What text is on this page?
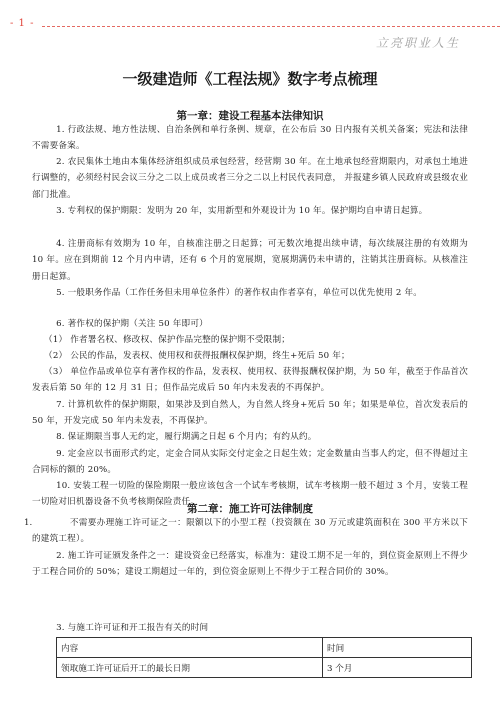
- 1 -
立亮职业人生
一级建造师《工程法规》数字考点梳理
第一章：建设工程基本法律知识
1. 行政法规、地方性法规、自治条例和单行条例、规章，在公布后 30 日内报有关机关备案；宪法和法律不需要备案。
2. 农民集体土地由本集体经济组织成员承包经营，经营期 30 年。在土地承包经营期限内，对承包土地进行调整的，必须经村民会议三分之二以上成员或者三分之二以上村民代表同意， 并报建乡镇人民政府或县级农业部门批准。
3. 专利权的保护期限：发明为 20 年，实用新型和外观设计为 10 年。保护期均自申请日起算。
4. 注册商标有效期为 10 年，自核准注册之日起算；可无数次地提出续申请，每次续展注册的有效期为 10 年。应在到期前 12 个月内申请，还有 6 个月的宽展期，宽展期满仍未申请的，注销其注册商标。从核准注册日起算。
5. 一般职务作品（工作任务但未用单位条件）的著作权由作者享有，单位可以优先使用 2 年。
6. 著作权的保护期（关注 50 年即可）
（1） 作者署名权、修改权、保护作品完整的保护期不受限制；
（2） 公民的作品，发表权、使用权和获得报酬权保护期，终生+死后 50 年；
（3） 单位作品或单位享有著作权的作品，发表权、使用权、获得报酬权保护期，为 50 年，截至于作品首次发表后第 50 年的 12 月 31 日；但作品完成后 50 年内未发表的不再保护。
7. 计算机软件的保护期限，如果涉及到自然人，为自然人终身+死后 50 年；如果是单位，首次发表后的 50 年，开发完成 50 年内未发表，不再保护。
8. 保证期限当事人无约定，履行期满之日起 6 个月内；有约从约。
9. 定金应以书面形式约定，定金合同从实际交付定金之日起生效；定金数量由当事人约定，但不得超过主合同标的额的 20%。
10. 安装工程一切险的保险期限一般应该包含一个试车考核期，试车考核期一般不超过 3 个月，安装工程一切险对旧机器设备不负考核期保险责任。
第二章：施工许可法律制度
1.	不需要办理施工许可证之一：限额以下的小型工程（投资额在 30 万元或建筑面积在 300 平方米以下的建筑工程）。
2. 施工许可证颁发条件之一：建设资金已经落实，标准为：建设工期不足一年的，到位资金原则上不得少于工程合同价的 50%；建设工期超过一年的，到位资金原则上不得少于工程合同价的 30%。
3. 与施工许可证和开工报告有关的时间
内容	时间
领取施工许可证后开工的最长日期	3 个月
